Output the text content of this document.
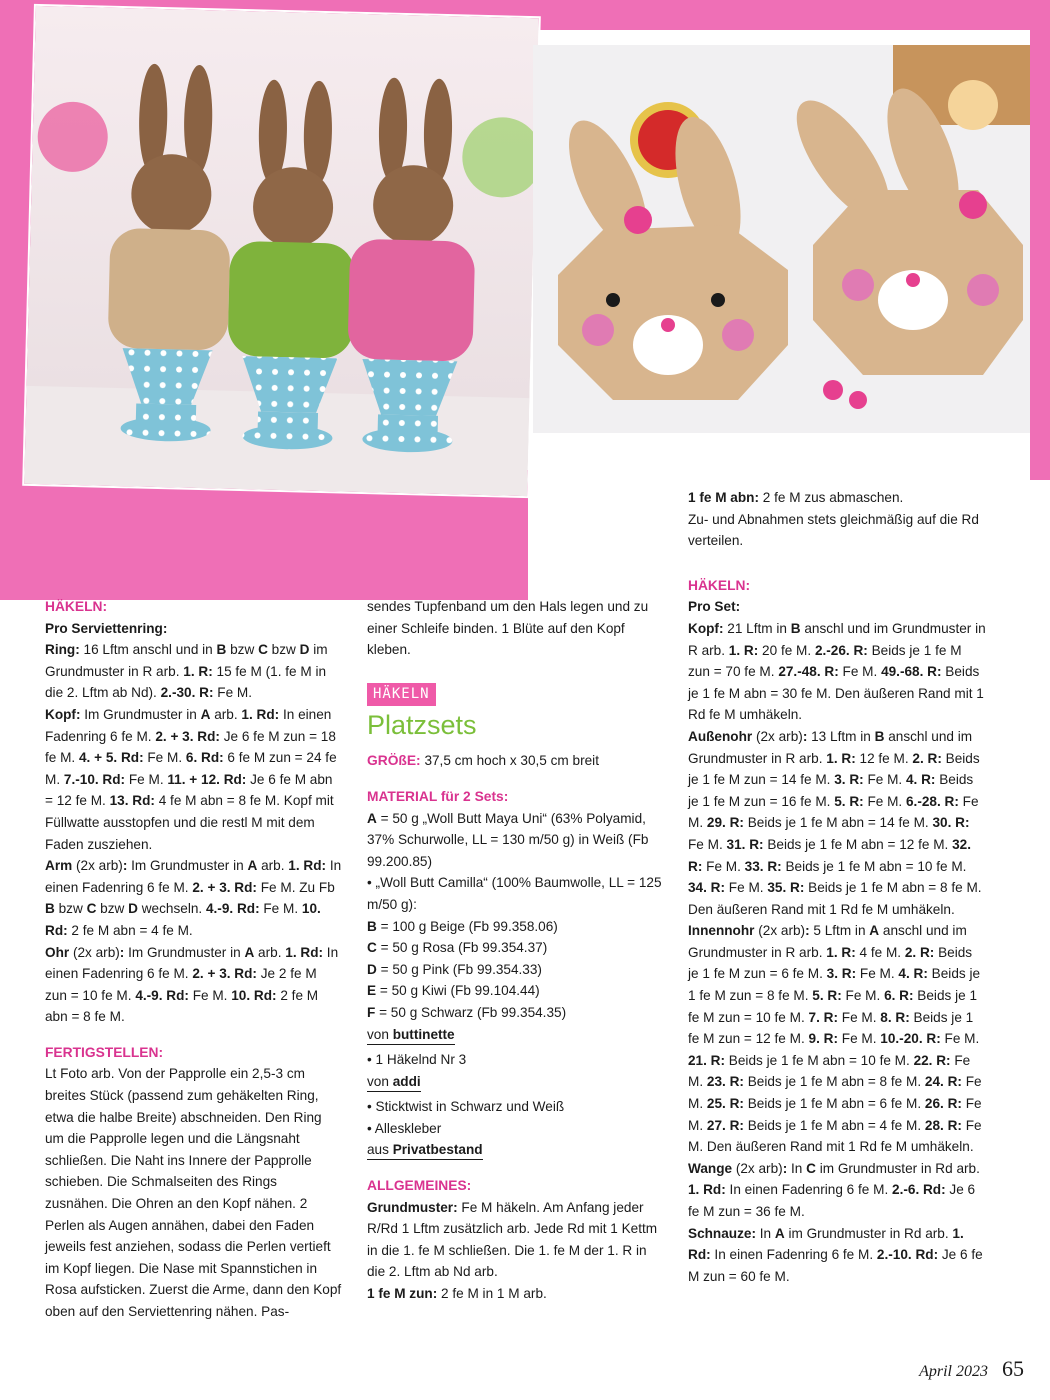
HÄKELN:

Pro Serviettenring:

Ring: 16 Lftm anschl und in B bzw C bzw D im Grundmuster in R arb. 1. R: 15 fe M (1. fe M in die 2. Lftm ab Nd). 2.-30. R: Fe M.

Kopf: Im Grundmuster in A arb. 1. Rd: In einen Fadenring 6 fe M. 2. + 3. Rd: Je 6 fe M zun = 18 fe M. 4. + 5. Rd: Fe M. 6. Rd: 6 fe M zun = 24 fe M. 7.-10. Rd: Fe M. 11. + 12. Rd: Je 6 fe M abn = 12 fe M. 13. Rd: 4 fe M abn = 8 fe M. Kopf mit Füllwatte ausstopfen und die restl M mit dem Faden zusziehen.

Arm (2x arb): Im Grundmuster in A arb. 1. Rd: In einen Fadenring 6 fe M. 2. + 3. Rd: Fe M. Zu Fb B bzw C bzw D wechseln. 4.-9. Rd: Fe M. 10. Rd: 2 fe M abn = 4 fe M.

Ohr (2x arb): Im Grundmuster in A arb. 1. Rd: In einen Fadenring 6 fe M. 2. + 3. Rd: Je 2 fe M zun = 10 fe M. 4.-9. Rd: Fe M. 10. Rd: 2 fe M abn = 8 fe M.

FERTIGSTELLEN:

Lt Foto arb. Von der Papprolle ein 2,5-3 cm breites Stück (passend zum gehäkelten Ring, etwa die halbe Breite) abschneiden. Den Ring um die Papprolle legen und die Längsnaht schließen. Die Naht ins Innere der Papprolle schieben. Die Schmalseiten des Rings zusnähen. Die Ohren an den Kopf nähen. 2 Perlen als Augen annähen, dabei den Faden jeweils fest anziehen, sodass die Perlen vertieft im Kopf liegen. Die Nase mit Spannstichen in Rosa aufsticken. Zuerst die Arme, dann den Kopf oben auf den Serviettenring nähen. Pas-

sendes Tupfenband um den Hals legen und zu einer Schleife binden. 1 Blüte auf den Kopf kleben.

HÄKELN
Platzsets

GRÖßE: 37,5 cm hoch x 30,5 cm breit

MATERIAL für 2 Sets:

A = 50 g „Woll Butt Maya Uni“ (63% Polyamid, 37% Schurwolle, LL = 130 m/50 g) in Weiß (Fb 99.200.85)

• „Woll Butt Camilla“ (100% Baumwolle, LL = 125 m/50 g):

B = 100 g Beige (Fb 99.358.06)

C = 50 g Rosa (Fb 99.354.37)

D = 50 g Pink (Fb 99.354.33)

E = 50 g Kiwi (Fb 99.104.44)

F = 50 g Schwarz (Fb 99.354.35)

von buttinette

• 1 Häkelnd Nr 3

von addi

• Sticktwist in Schwarz und Weiß

• Alleskleber

aus Privatbestand

ALLGEMEINES:

Grundmuster: Fe M häkeln. Am Anfang jeder R/Rd 1 Lftm zusätzlich arb. Jede Rd mit 1 Kettm in die 1. fe M schließen. Die 1. fe M der 1. R in die 2. Lftm ab Nd arb.

1 fe M zun: 2 fe M in 1 M arb.

1 fe M abn: 2 fe M zus abmaschen.

Zu- und Abnahmen stets gleichmäßig auf die Rd verteilen.

HÄKELN:

Pro Set:

Kopf: 21 Lftm in B anschl und im Grundmuster in R arb. 1. R: 20 fe M. 2.-26. R: Beids je 1 fe M zun = 70 fe M. 27.-48. R: Fe M. 49.-68. R: Beids je 1 fe M abn = 30 fe M. Den äußeren Rand mit 1 Rd fe M umhäkeln.

Außenohr (2x arb): 13 Lftm in B anschl und im Grundmuster in R arb. 1. R: 12 fe M. 2. R: Beids je 1 fe M zun = 14 fe M. 3. R: Fe M. 4. R: Beids je 1 fe M zun = 16 fe M. 5. R: Fe M. 6.-28. R: Fe M. 29. R: Beids je 1 fe M abn = 14 fe M. 30. R: Fe M. 31. R: Beids je 1 fe M abn = 12 fe M. 32. R: Fe M. 33. R: Beids je 1 fe M abn = 10 fe M. 34. R: Fe M. 35. R: Beids je 1 fe M abn = 8 fe M. Den äußeren Rand mit 1 Rd fe M umhäkeln.

Innennohr (2x arb): 5 Lftm in A anschl und im Grundmuster in R arb. 1. R: 4 fe M. 2. R: Beids je 1 fe M zun = 6 fe M. 3. R: Fe M. 4. R: Beids je 1 fe M zun = 8 fe M. 5. R: Fe M. 6. R: Beids je 1 fe M zun = 10 fe M. 7. R: Fe M. 8. R: Beids je 1 fe M zun = 12 fe M. 9. R: Fe M. 10.-20. R: Fe M. 21. R: Beids je 1 fe M abn = 10 fe M. 22. R: Fe M. 23. R: Beids je 1 fe M abn = 8 fe M. 24. R: Fe M. 25. R: Beids je 1 fe M abn = 6 fe M. 26. R: Fe M. 27. R: Beids je 1 fe M abn = 4 fe M. 28. R: Fe M. Den äußeren Rand mit 1 Rd fe M umhäkeln.

Wange (2x arb): In C im Grundmuster in Rd arb. 1. Rd: In einen Fadenring 6 fe M. 2.-6. Rd: Je 6 fe M zun = 36 fe M.

Schnauze: In A im Grundmuster in Rd arb. 1. Rd: In einen Fadenring 6 fe M. 2.-10. Rd: Je 6 fe M zun = 60 fe M.

April 2023 65
